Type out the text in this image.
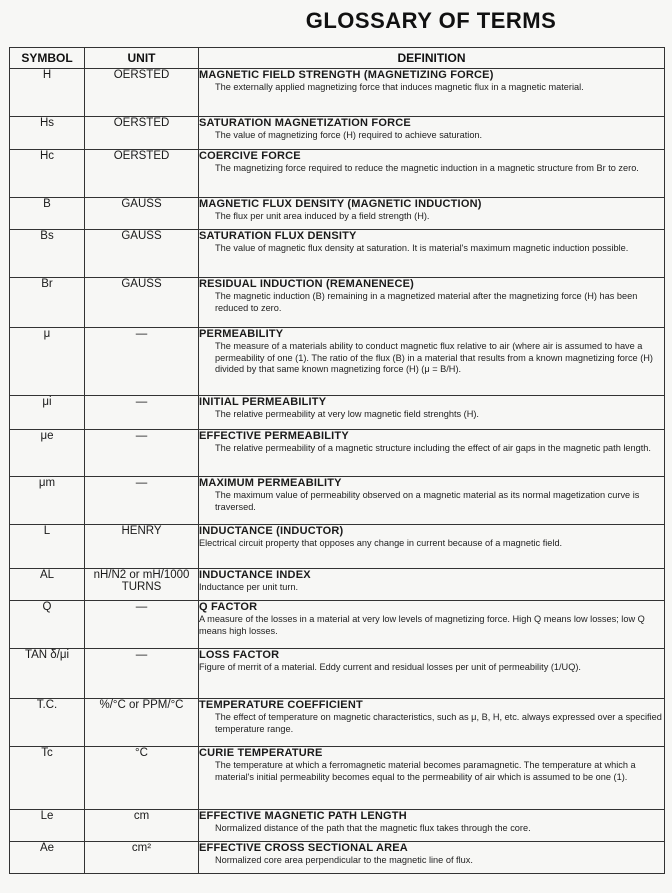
GLOSSARY OF TERMS
SYMBOL	UNIT	DEFINITION
H	OERSTED	MAGNETIC FIELD STRENGTH (MAGNETIZING FORCE)
The externally applied magnetizing force that induces magnetic flux in a magnetic material.

Hs	OERSTED	SATURATION MAGNETIZATION FORCE
The value of magnetizing force (H) required to achieve saturation.

Hc	OERSTED	COERCIVE FORCE
The magnetizing force required to reduce the magnetic induction in a magnetic structure from Br to zero.

B	GAUSS	MAGNETIC FLUX DENSITY (MAGNETIC INDUCTION)
The flux per unit area induced by a field strength (H).

Bs	GAUSS	SATURATION FLUX DENSITY
The value of magnetic flux density at saturation. It is material's maximum magnetic induction possible.

Br	GAUSS	RESIDUAL INDUCTION (REMANENECE)
The magnetic induction (B) remaining in a magnetized material after the magnetizing force (H) has been reduced to zero.

μ	—	PERMEABILITY
The measure of a materials ability to conduct magnetic flux relative to air (where air is assumed to have a permeability of one (1). The ratio of the flux (B) in a material that results from a known magnetizing force (H) divided by that same known magnetizing force (H) (μ = B/H).

μi	—	INITIAL PERMEABILITY
The relative permeability at very low magnetic field strenghts (H).

μe	—	EFFECTIVE PERMEABILITY
The relative permeability of a magnetic structure including the effect of air gaps in the magnetic path length.

μm	—	MAXIMUM PERMEABILITY
The maximum value of permeability observed on a magnetic material as its normal magetization curve is traversed.

L	HENRY	INDUCTANCE (INDUCTOR)
Electrical circuit property that opposes any change in current because of a magnetic field.

AL	nH/N2 or mH/1000 TURNS	INDUCTANCE INDEX
Inductance per unit turn.

Q	—	Q FACTOR
A measure of the losses in a material at very low levels of magnetizing force. High Q means low losses; low Q means high losses.

TAN δ/μi	—	LOSS FACTOR
Figure of merrit of a material. Eddy current and residual losses per unit of permeability (1/UQ).

T.C.	%/°C or PPM/°C	TEMPERATURE COEFFICIENT
The effect of temperature on magnetic characteristics, such as μ, B, H, etc. always expressed over a specified temperature range.

Tc	°C	CURIE TEMPERATURE
The temperature at which a ferromagnetic material becomes paramagnetic. The temperature at which a material's initial permeability becomes equal to the permeability of air which is assumed to be one (1).

Le	cm	EFFECTIVE MAGNETIC PATH LENGTH
Normalized distance of the path that the magnetic flux takes through the core.

Ae	cm²	EFFECTIVE CROSS SECTIONAL AREA
Normalized core area perpendicular to the magnetic line of flux.
